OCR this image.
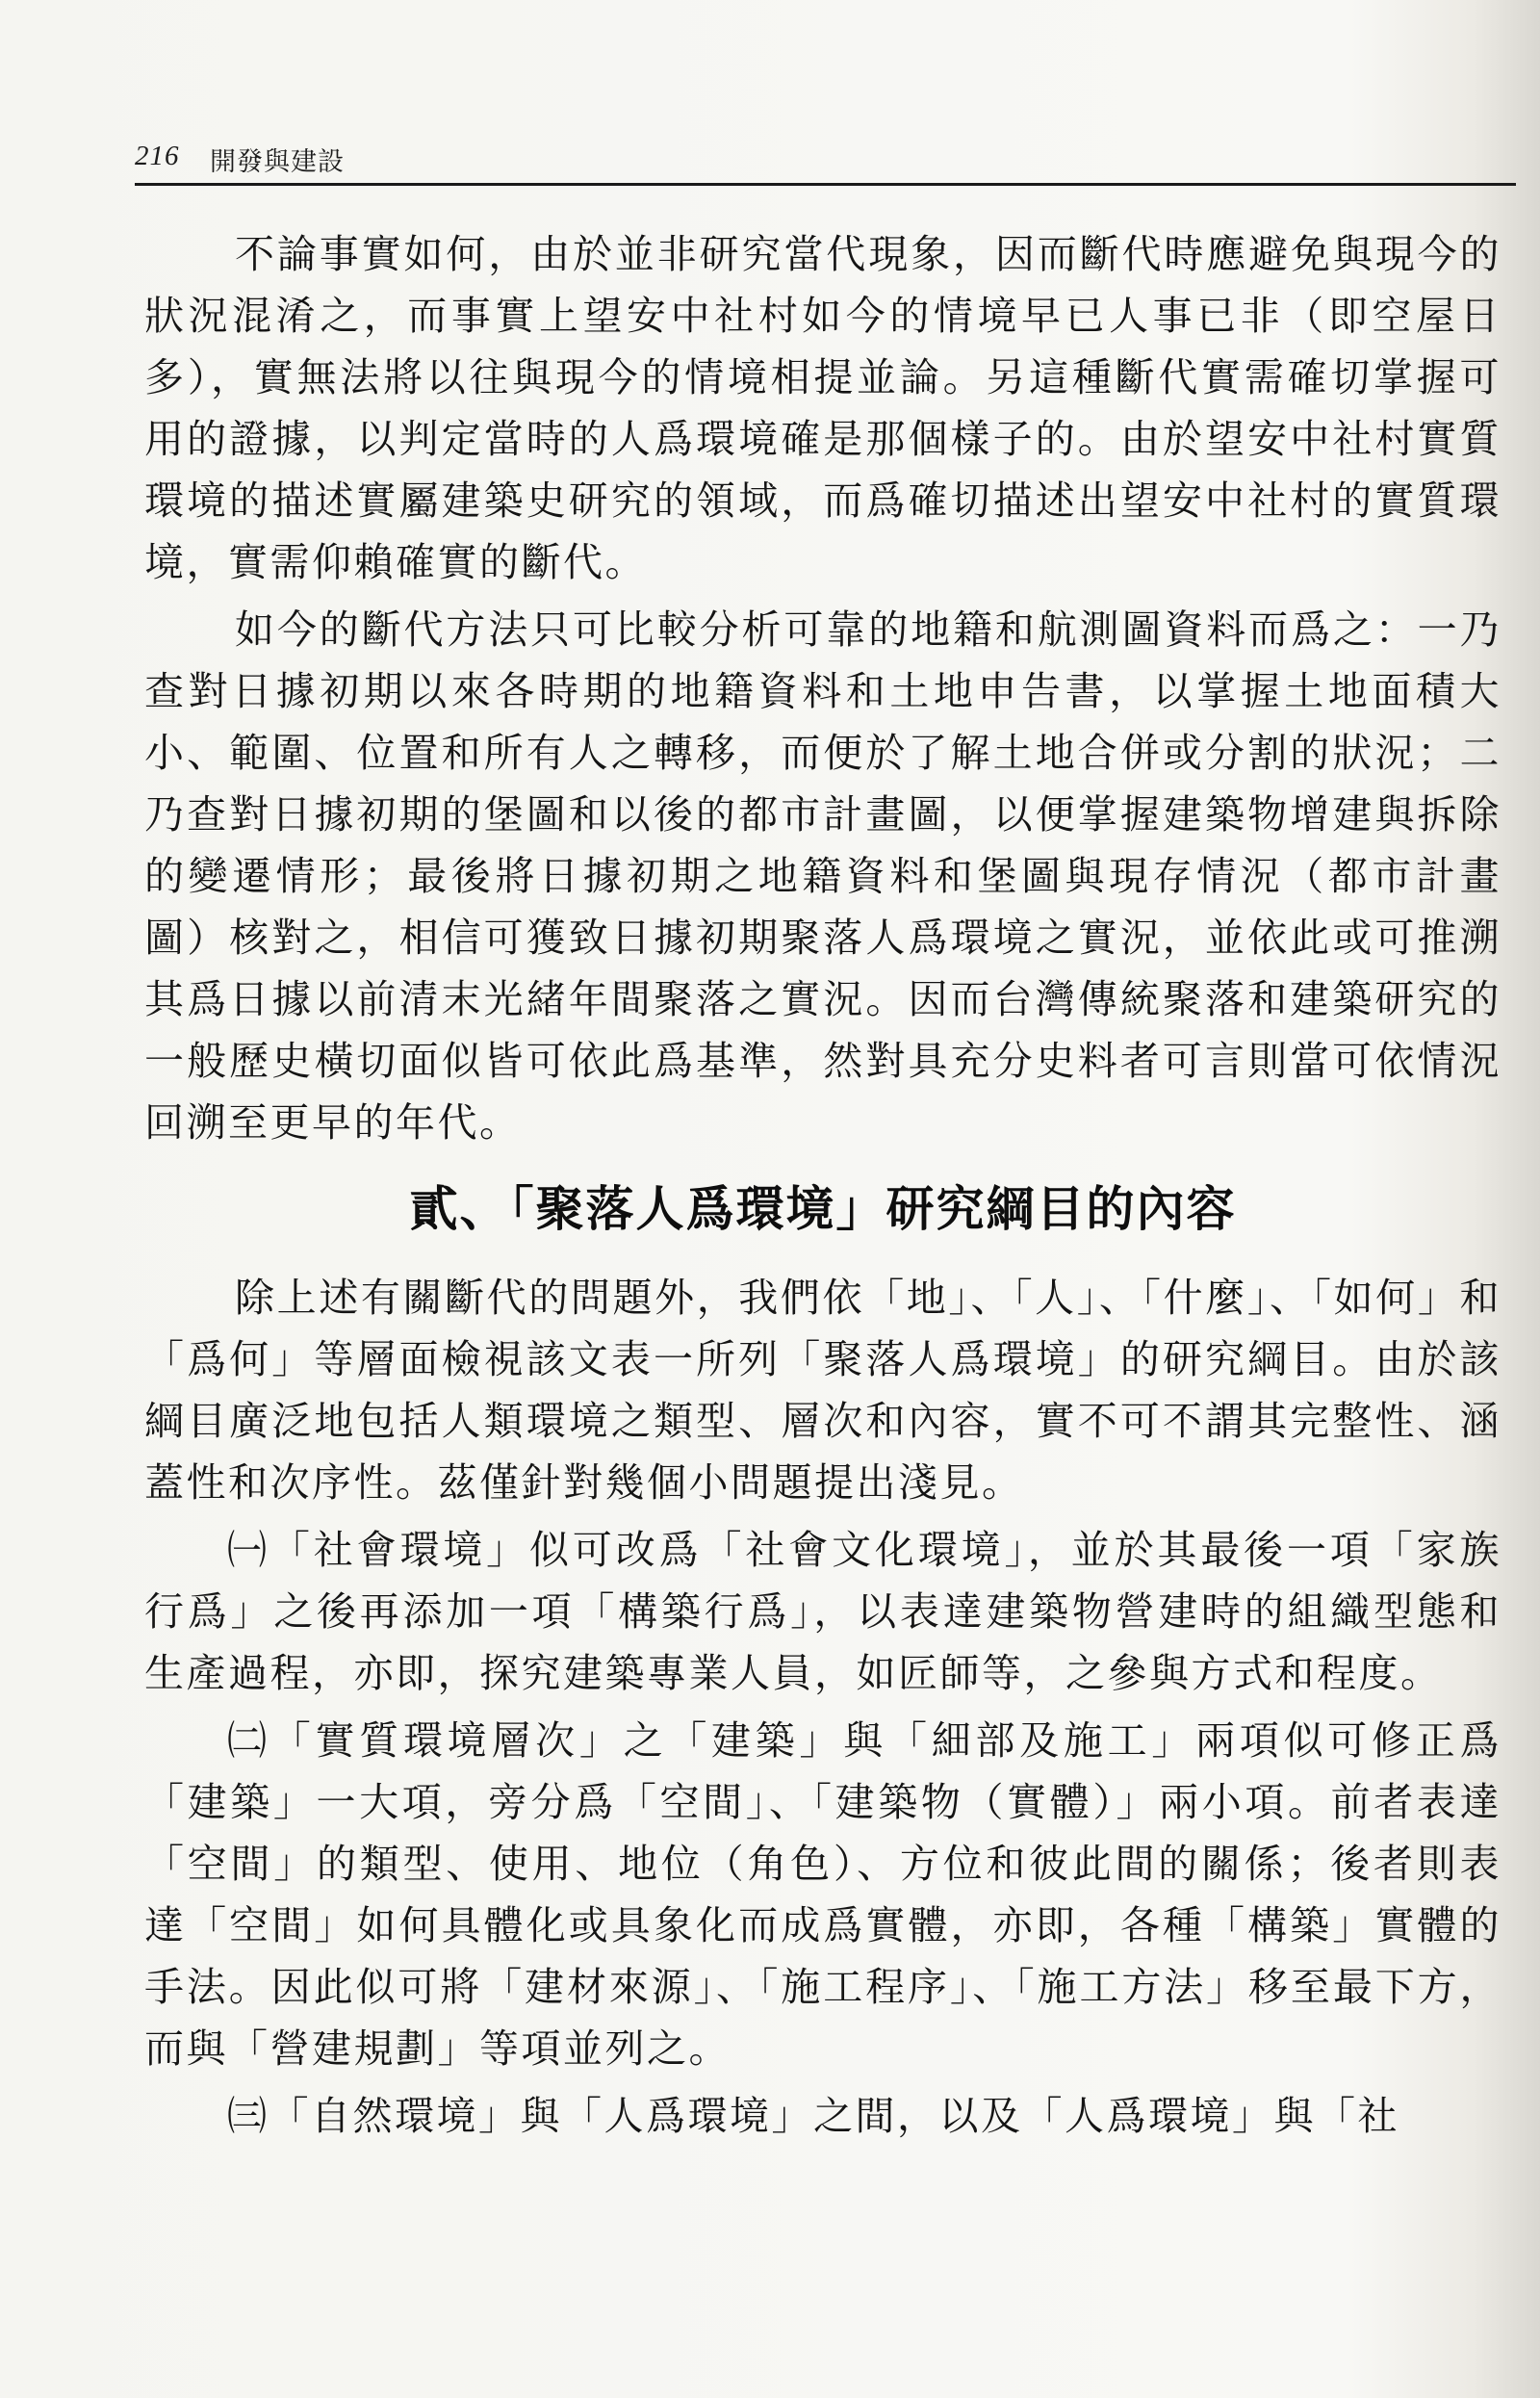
216 開發與建設

不論事實如何，由於並非研究當代現象，因而斷代時應避免與現今的狀況混淆之，而事實上望安中社村如今的情境早已人事已非（即空屋日多），實無法將以往與現今的情境相提並論。另這種斷代實需確切掌握可用的證據，以判定當時的人爲環境確是那個樣子的。由於望安中社村實質環境的描述實屬建築史研究的領域，而爲確切描述出望安中社村的實質環境，實需仰賴確實的斷代。

如今的斷代方法只可比較分析可靠的地籍和航測圖資料而爲之：一乃查對日據初期以來各時期的地籍資料和土地申告書，以掌握土地面積大小、範圍、位置和所有人之轉移，而便於了解土地合併或分割的狀況；二乃查對日據初期的堡圖和以後的都市計畫圖，以便掌握建築物增建與拆除的變遷情形；最後將日據初期之地籍資料和堡圖與現存情況（都市計畫圖）核對之，相信可獲致日據初期聚落人爲環境之實況，並依此或可推溯其爲日據以前清末光緒年間聚落之實況。因而台灣傳統聚落和建築研究的一般歷史橫切面似皆可依此爲基準，然對具充分史料者可言則當可依情況回溯至更早的年代。

貳、「聚落人爲環境」研究綱目的內容

除上述有關斷代的問題外，我們依「地」、「人」、「什麼」、「如何」和「爲何」等層面檢視該文表一所列「聚落人爲環境」的研究綱目。由於該綱目廣泛地包括人類環境之類型、層次和內容，實不可不謂其完整性、涵蓋性和次序性。茲僅針對幾個小問題提出淺見。

㈠「社會環境」似可改爲「社會文化環境」，並於其最後一項「家族行爲」之後再添加一項「構築行爲」，以表達建築物營建時的組織型態和生產過程，亦即，探究建築專業人員，如匠師等，之參與方式和程度。

㈡「實質環境層次」之「建築」與「細部及施工」兩項似可修正爲「建築」一大項，旁分爲「空間」、「建築物（實體）」兩小項。前者表達「空間」的類型、使用、地位（角色）、方位和彼此間的關係；後者則表達「空間」如何具體化或具象化而成爲實體，亦即，各種「構築」實體的手法。因此似可將「建材來源」、「施工程序」、「施工方法」移至最下方，而與「營建規劃」等項並列之。

㈢「自然環境」與「人爲環境」之間，以及「人爲環境」與「社
